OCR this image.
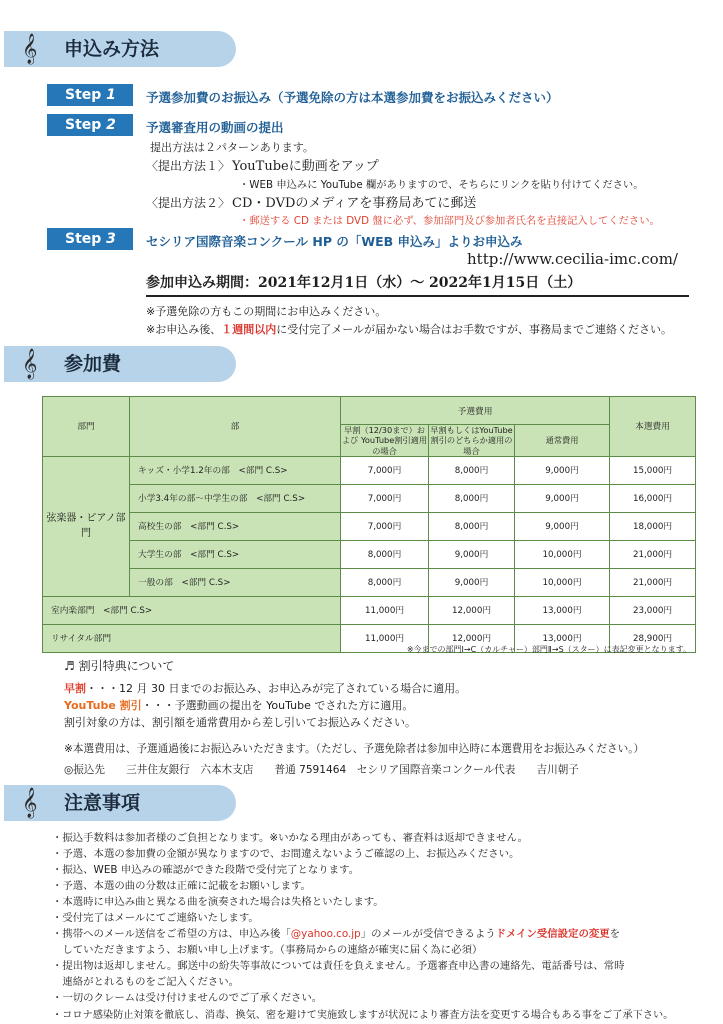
𝄞 申込み方法
Step 1	予選参加費のお振込み（予選免除の方は本選参加費をお振込みください）
Step 2	予選審査用の動画の提出
提出方法は２パターンあります。
〈提出方法１〉 YouTubeに動画をアップ
・WEB 申込みに YouTube 欄がありますので、そちらにリンクを貼り付けてください。
〈提出方法２〉 CD・DVDのメディアを事務局あてに郵送
・郵送する CD または DVD 盤に必ず、参加部門及び参加者氏名を直接記入してください。
Step 3	セシリア国際音楽コンクール HP の「WEB 申込み」よりお申込み
http://www.cecilia-imc.com/
参加申込み期間：2021年12月1日（水）～ 2022年1月15日（土）
※予選免除の方もこの期間にお申込みください。
※お申込み後、１週間以内に受付完了メールが届かない場合はお手数ですが、事務局までご連絡ください。
𝄞 参加費
部門	部	予選費用			本選費用
		早割（12/30まで）および YouTube割引適用の場合	早割もしくはYouTube 割引のどちらか適用の場合	通常費用	
弦楽器・ピアノ部門	キッズ・小学1.2年の部　<部門 C.S>	7,000円	8,000円	9,000円	15,000円
	小学3.4年の部～中学生の部　<部門 C.S>	7,000円	8,000円	9,000円	16,000円
	高校生の部　<部門 C.S>	7,000円	8,000円	9,000円	18,000円
	大学生の部　<部門 C.S>	8,000円	9,000円	10,000円	21,000円
	一般の部　<部門 C.S>	8,000円	9,000円	10,000円	21,000円
室内楽部門　<部門 C.S>		11,000円	12,000円	13,000円	23,000円
リサイタル部門		11,000円	12,000円	13,000円	28,900円
※今までの部門Ⅰ→C（カルチャー）部門Ⅱ→S（スター）に表記変更となります。
♬ 割引特典について
早割・・・12 月 30 日までのお振込み、お申込みが完了されている場合に適用。
YouTube 割引・・・予選動画の提出を YouTube でされた方に適用。
割引対象の方は、割引額を通常費用から差し引いてお振込みください。
※本選費用は、予選通過後にお振込みいただきます。（ただし、予選免除者は参加申込時に本選費用をお振込みください。）
◎振込先　　三井住友銀行　六本木支店　　普通 7591464　セシリア国際音楽コンクール代表　　吉川朝子
𝄞 注意事項
・振込手数料は参加者様のご負担となります。※いかなる理由があっても、審査料は返却できません。
・予選、本選の参加費の金額が異なりますので、お間違えないようご確認の上、お振込みください。
・振込、WEB 申込みの確認ができた段階で受付完了となります。
・予選、本選の曲の分数は正確に記載をお願いします。
・本選時に申込み曲と異なる曲を演奏された場合は失格といたします。
・受付完了はメールにてご連絡いたします。
・携帯へのメール送信をご希望の方は、申込み後「@yahoo.co.jp」のメールが受信できるようドメイン受信設定の変更を
　していただきますよう、お願い申し上げます。（事務局からの連絡が確実に届く為に必須）
・提出物は返却しません。郵送中の紛失等事故については責任を負えません。予選審査申込書の連絡先、電話番号は、常時
　連絡がとれるものをご記入ください。
・一切のクレームは受け付けませんのでご了承ください。
・コロナ感染防止対策を徹底し、消毒、換気、密を避けて実施致しますが状況により審査方法を変更する場合もある事をご了承下さい。
